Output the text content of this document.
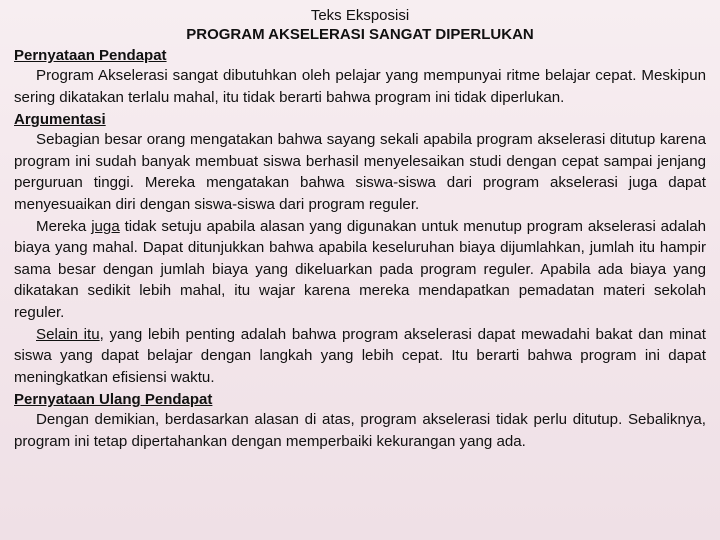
Teks Eksposisi
PROGRAM AKSELERASI SANGAT DIPERLUKAN
Pernyataan Pendapat

Program Akselerasi sangat dibutuhkan oleh pelajar yang mempunyai ritme belajar cepat. Meskipun sering dikatakan terlalu mahal, itu tidak berarti bahwa program ini tidak diperlukan.

Argumentasi

Sebagian besar orang mengatakan bahwa sayang sekali apabila program akselerasi ditutup karena program ini sudah banyak membuat siswa berhasil menyelesaikan studi dengan cepat sampai jenjang perguruan tinggi. Mereka mengatakan bahwa siswa-siswa dari program akselerasi juga dapat menyesuaikan diri dengan siswa-siswa dari program reguler.

Mereka juga tidak setuju apabila alasan yang digunakan untuk menutup program akselerasi adalah biaya yang mahal. Dapat ditunjukkan bahwa apabila keseluruhan biaya dijumlahkan, jumlah itu hampir sama besar dengan jumlah biaya yang dikeluarkan pada program reguler. Apabila ada biaya yang dikatakan sedikit lebih mahal, itu wajar karena mereka mendapatkan pemadatan materi sekolah reguler.

Selain itu, yang lebih penting adalah bahwa program akselerasi dapat mewadahi bakat dan minat siswa yang dapat belajar dengan langkah yang lebih cepat. Itu berarti bahwa program ini dapat meningkatkan efisiensi waktu.

Pernyataan Ulang Pendapat

Dengan demikian, berdasarkan alasan di atas, program akselerasi tidak perlu ditutup. Sebaliknya, program ini tetap dipertahankan dengan memperbaiki kekurangan yang ada.
